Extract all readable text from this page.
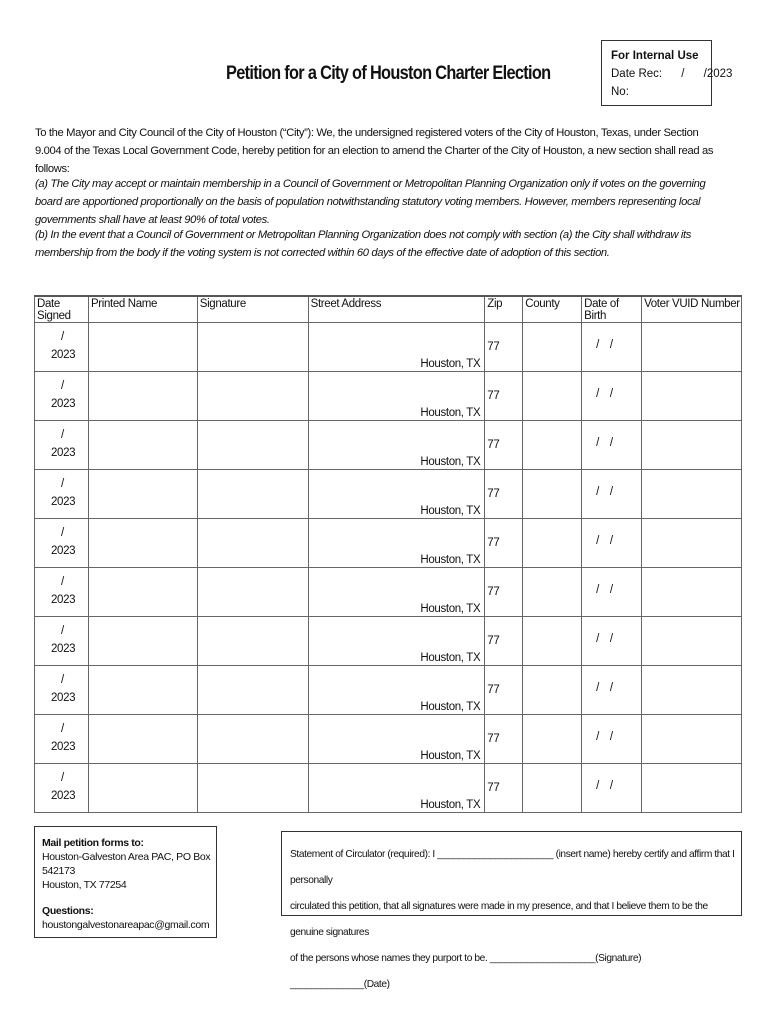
Petition for a City of Houston Charter Election
For Internal Use
Date Rec:      /      /2023
No:
To the Mayor and City Council of the City of Houston (“City”): We, the undersigned registered voters of the City of Houston, Texas, under Section 9.004 of the Texas Local Government Code, hereby petition for an election to amend the Charter of the City of Houston, a new section shall read as follows:
(a) The City may accept or maintain membership in a Council of Government or Metropolitan Planning Organization only if votes on the governing board are apportioned proportionally on the basis of population notwithstanding statutory voting members. However, members representing local governments shall have at least 90% of total votes.
(b) In the event that a Council of Government or Metropolitan Planning Organization does not comply with section (a) the City shall withdraw its membership from the body if the voting system is not corrected within 60 days of the effective date of adoption of this section.
Date Signed	Printed Name	Signature	Street Address	Zip	County	Date of Birth	Voter VUID Number

/
2023			Houston, TX	77		/ /	

/
2023			Houston, TX	77		/ /	

/
2023			Houston, TX	77		/ /	

/
2023			Houston, TX	77		/ /	

/
2023			Houston, TX	77		/ /	

/
2023			Houston, TX	77		/ /	

/
2023			Houston, TX	77		/ /	

/
2023			Houston, TX	77		/ /	

/
2023			Houston, TX	77		/ /	

/
2023			Houston, TX	77		/ /	

Mail petition forms to:
Houston-Galveston Area PAC, PO Box 542173
Houston, TX 77254
Questions:
houstongalvestonareapac@gmail.com
Statement of Circulator (required): I ______________________ (insert name) hereby certify and affirm that I personally
circulated this petition, that all signatures were made in my presence, and that I believe them to be the genuine signatures
of the persons whose names they purport to be. ____________________(Signature) ______________(Date)
